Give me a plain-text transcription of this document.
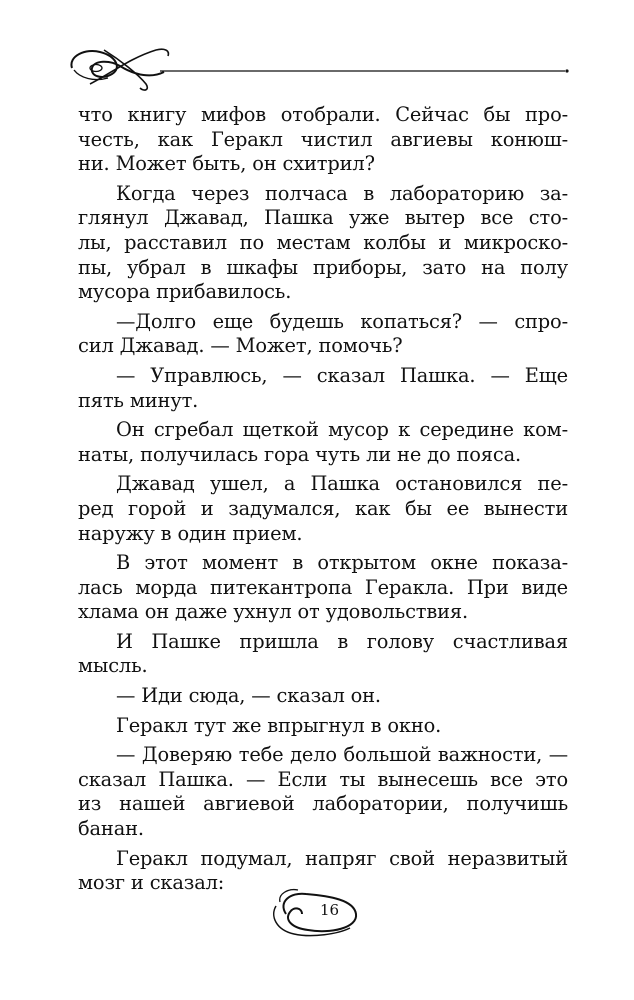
что книгу мифов отобрали. Сейчас бы про-
честь, как Геракл чистил авгиевы конюш-
ни. Может быть, он схитрил?
Когда через полчаса в лабораторию за-
глянул Джавад, Пашка уже вытер все сто-
лы, расставил по местам колбы и микроско-
пы, убрал в шкафы приборы, зато на полу
мусора прибавилось.
—Долго еще будешь копаться? — спро-
сил Джавад. — Может, помочь?
— Управлюсь, — сказал Пашка. — Еще
пять минут.
Он сгребал щеткой мусор к середине ком-
наты, получилась гора чуть ли не до пояса.
Джавад ушел, а Пашка остановился пе-
ред горой и задумался, как бы ее вынести
наружу в один прием.
В этот момент в открытом окне показа-
лась морда питекантропа Геракла. При виде
хлама он даже ухнул от удовольствия.
И Пашке пришла в голову счастливая
мысль.
— Иди сюда, — сказал он.
Геракл тут же впрыгнул в окно.
— Доверяю тебе дело большой важности, —
сказал Пашка. — Если ты вынесешь все это
из нашей авгиевой лаборатории, получишь
банан.
Геракл подумал, напряг свой неразвитый
мозг и сказал:
16
